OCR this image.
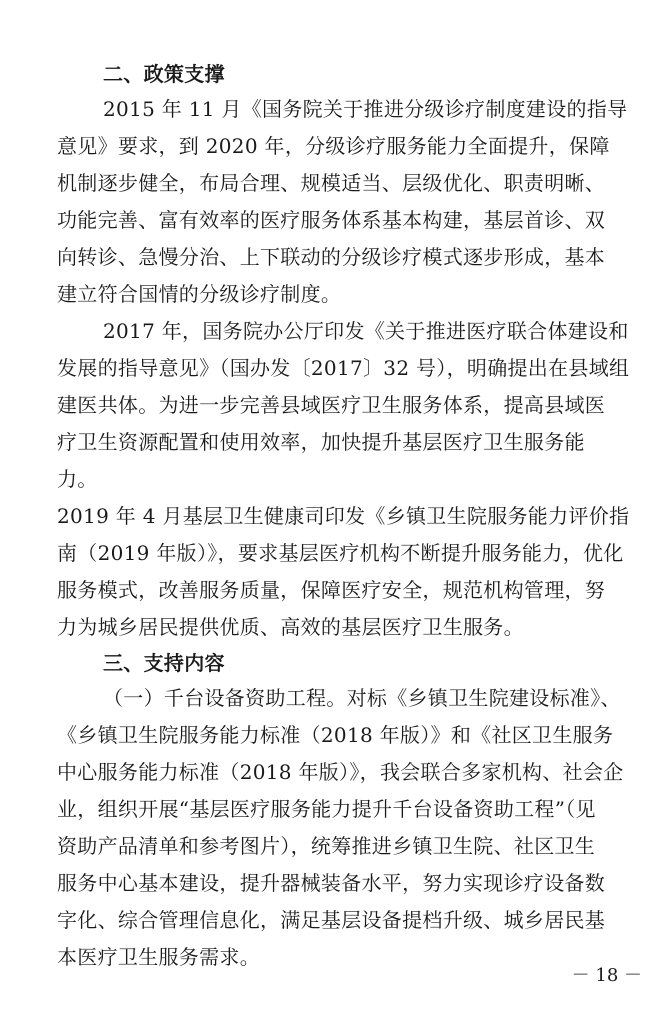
二、政策支撑
2015 年 11 月《国务院关于推进分级诊疗制度建设的指导
意见》要求，到 2020 年，分级诊疗服务能力全面提升，保障
机制逐步健全，布局合理、规模适当、层级优化、职责明晰、
功能完善、富有效率的医疗服务体系基本构建，基层首诊、双
向转诊、急慢分治、上下联动的分级诊疗模式逐步形成，基本
建立符合国情的分级诊疗制度。
2017 年，国务院办公厅印发《关于推进医疗联合体建设和
发展的指导意见》（国办发〔2017〕32 号），明确提出在县域组
建医共体。为进一步完善县域医疗卫生服务体系，提高县域医
疗卫生资源配置和使用效率，加快提升基层医疗卫生服务能
力。
2019 年 4 月基层卫生健康司印发《乡镇卫生院服务能力评价指
南（2019 年版）》，要求基层医疗机构不断提升服务能力，优化
服务模式，改善服务质量，保障医疗安全，规范机构管理，努
力为城乡居民提供优质、高效的基层医疗卫生服务。
三、支持内容
（一）千台设备资助工程。对标《乡镇卫生院建设标准》、
《乡镇卫生院服务能力标准（2018 年版）》和《社区卫生服务
中心服务能力标准（2018 年版）》，我会联合多家机构、社会企
业，组织开展“基层医疗服务能力提升千台设备资助工程”（见
资助产品清单和参考图片），统筹推进乡镇卫生院、社区卫生
服务中心基本建设，提升器械装备水平，努力实现诊疗设备数
字化、综合管理信息化，满足基层设备提档升级、城乡居民基
本医疗卫生服务需求。
－ 18 －
